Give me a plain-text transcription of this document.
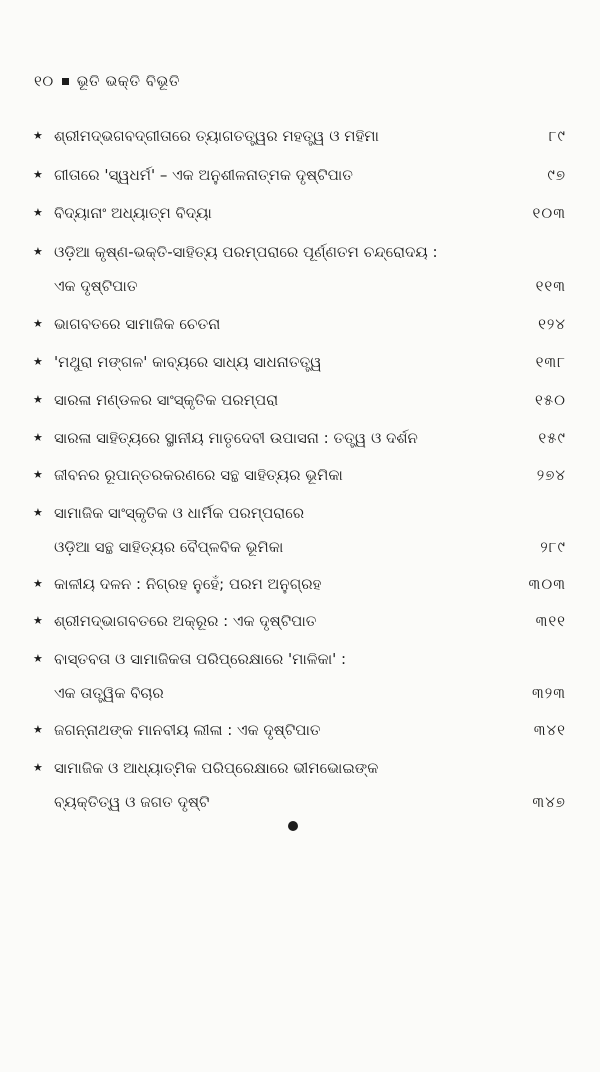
୧୦ ଭୂତି ଭକ୍ତି ବିଭୂତି
★ ଶ୍ରୀମଦ୍‌ଭଗବଦ୍‌ଗୀତାରେ ତ୍ୟାଗତତ୍ତ୍ୱର ମହତ୍ତ୍ୱ ଓ ମହିମା	୮୯
★ ଗୀତାରେ 'ସ୍ୱଧର୍ମ' – ଏକ ଅନୁଶୀଳନାତ୍ମକ ଦୃଷ୍ଟିପାତ	୯୭
★ ବିଦ୍ୟାନାଂ ଅଧ୍ୟାତ୍ମ ବିଦ୍ୟା	୧୦୩
★ ଓଡ଼ିଆ କୃଷ୍ଣ-ଭକ୍ତି-ସାହିତ୍ୟ ପରମ୍ପରାରେ ପୂର୍ଣ୍ଣତମ ଚନ୍ଦ୍ରୋଦୟ :
ଏକ ଦୃଷ୍ଟିପାତ	୧୧୩
★ ଭାଗବତରେ ସାମାଜିକ ଚେତନା	୧୨୪
★ 'ମଥୁରା ମଙ୍ଗଳ' କାବ୍ୟରେ ସାଧ୍ୟ ସାଧନାତତ୍ତ୍ୱ	୧୩୮
★ ସାରଳା ମଣ୍ଡଳର ସାଂସ୍କୃତିକ ପରମ୍ପରା	୧୫୦
★ ସାରଳା ସାହିତ୍ୟରେ ସ୍ଥାନୀୟ ମାତୃଦେବୀ ଉପାସନା : ତତ୍ତ୍ୱ ଓ ଦର୍ଶନ	୧୫୯
★ ଜୀବନର ରୂପାନ୍ତରକରଣରେ ସନ୍ଥ ସାହିତ୍ୟର ଭୂମିକା	୨୭୪
★ ସାମାଜିକ ସାଂସ୍କୃତିକ ଓ ଧାର୍ମିକ ପରମ୍ପରାରେ
ଓଡ଼ିଆ ସନ୍ଥ ସାହିତ୍ୟର ବୈପ୍ଳବିକ ଭୂମିକା	୨୮୯
★ କାଳୀୟ ଦଳନ : ନିଗ୍ରହ ନୁହେଁ; ପରମ ଅନୁଗ୍ରହ	୩୦୩
★ ଶ୍ରୀମଦ୍‌ଭାଗବତରେ ଅକ୍ରୂର : ଏକ ଦୃଷ୍ଟିପାତ	୩୧୧
★ ବାସ୍ତବତା ଓ ସାମାଜିକତା ପରିପ୍ରେକ୍ଷାରେ 'ମାଳିକା' :
ଏକ ତାତ୍ତ୍ୱିକ ବିଚାର	୩୨୩
★ ଜଗନ୍ନାଥଙ୍କ ମାନବୀୟ ଲୀଳା : ଏକ ଦୃଷ୍ଟିପାତ	୩୪୧
★ ସାମାଜିକ ଓ ଆଧ୍ୟାତ୍ମିକ ପରିପ୍ରେକ୍ଷାରେ ଭୀମଭୋଇଙ୍କ
ବ୍ୟକ୍ତିତ୍ୱ ଓ ଜଗତ ଦୃଷ୍ଟି	୩୪୭
